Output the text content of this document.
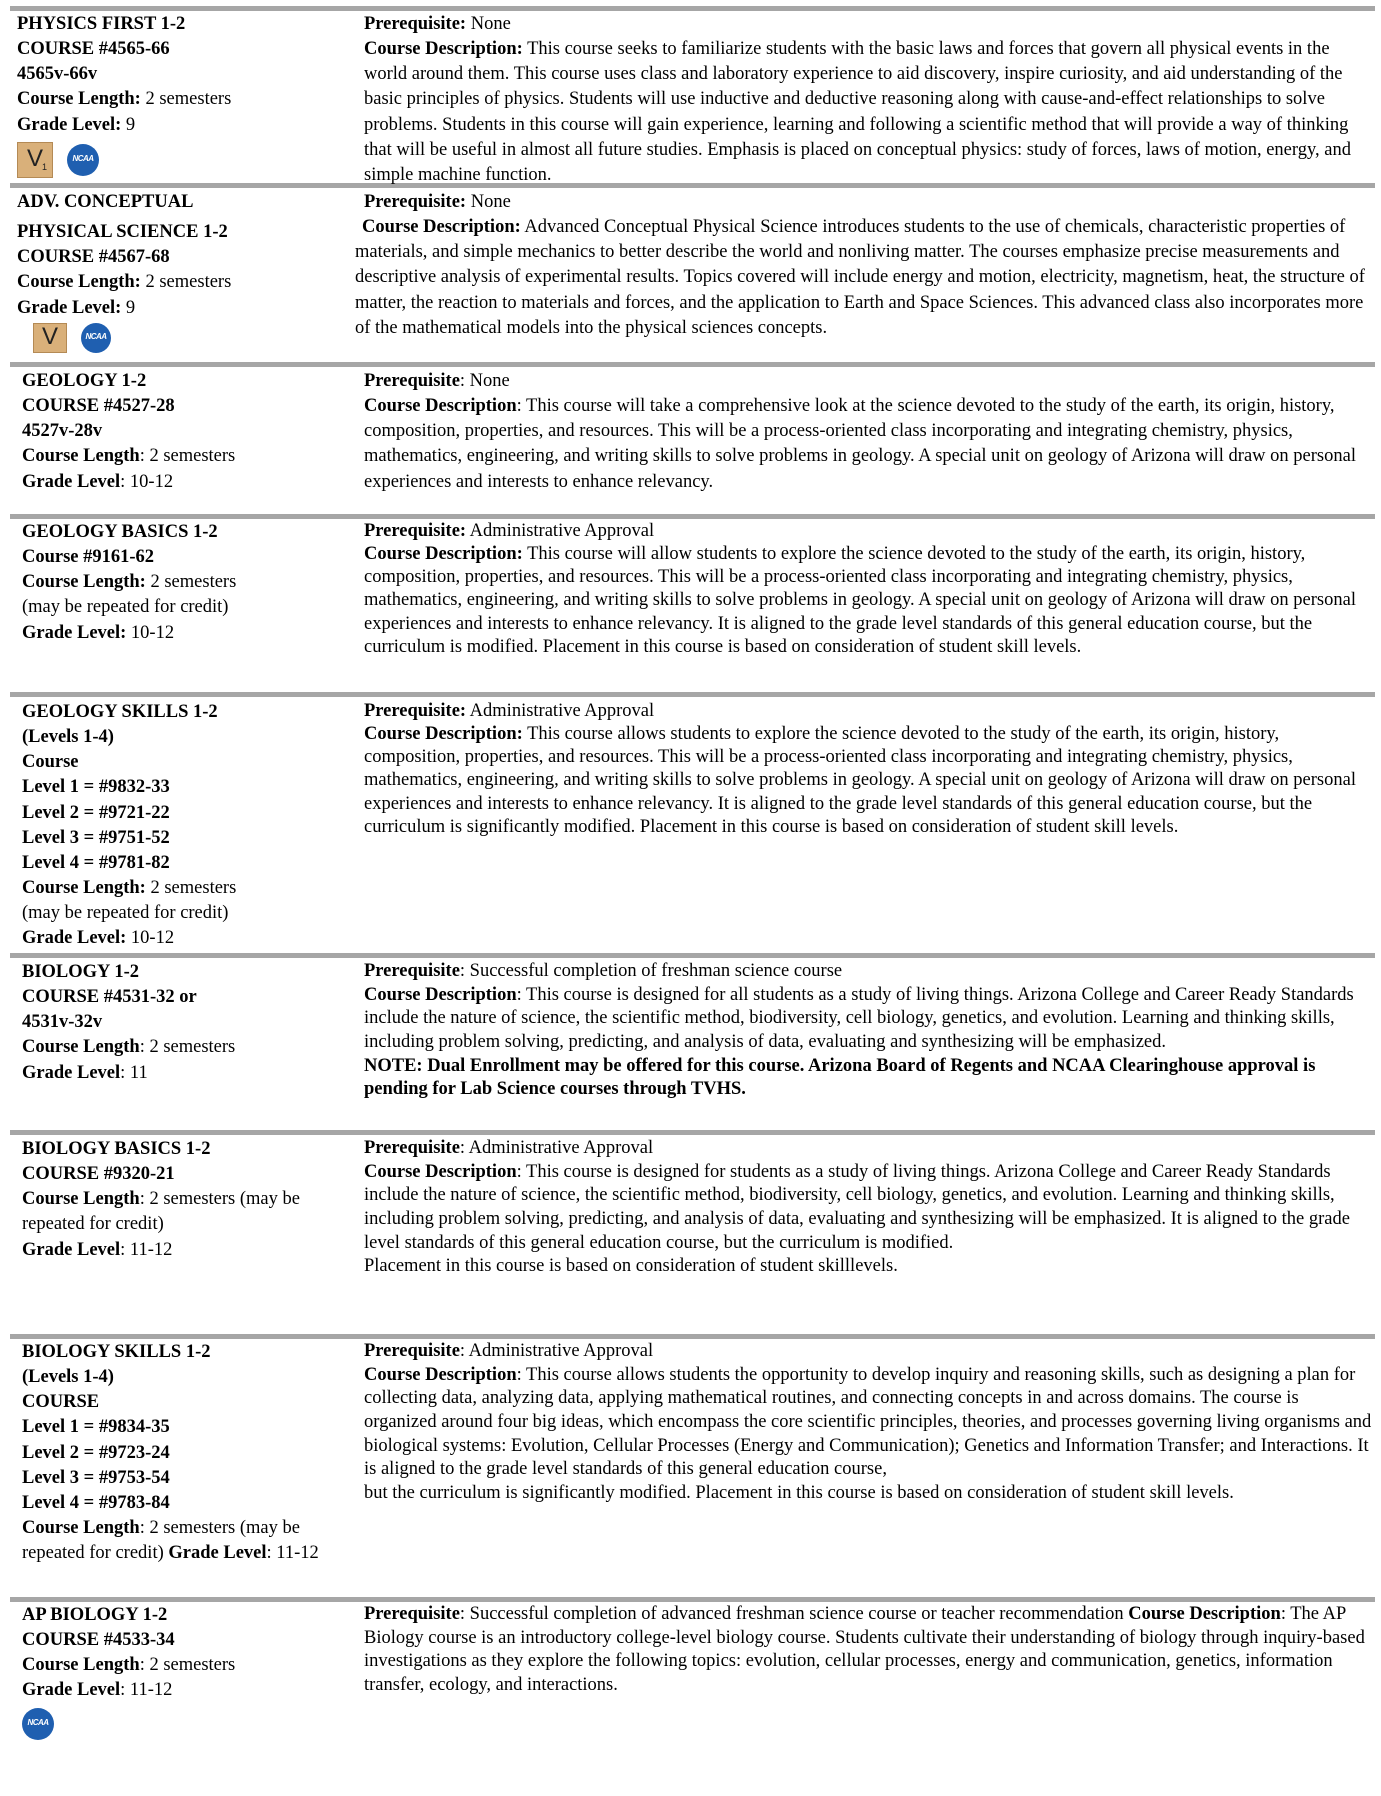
PHYSICS FIRST 1-2
COURSE #4565-66
4565v-66v
Course Length: 2 semesters
Grade Level: 9
V
1
NCAA

Prerequisite: None

Course Description: This course seeks to familiarize students with the basic laws and forces that govern all physical events in the world around them. This course uses class and laboratory experience to aid discovery, inspire curiosity, and aid understanding of the basic principles of physics. Students will use inductive and deductive reasoning along with cause-and-effect relationships to solve problems. Students in this course will gain experience, learning and following a scientific method that will provide a way of thinking that will be useful in almost all future studies. Emphasis is placed on conceptual physics: study of forces, laws of motion, energy, and simple machine function.

ADV. CONCEPTUAL
PHYSICAL SCIENCE 1-2
COURSE #4567-68
Course Length: 2 semesters
Grade Level: 9
V	NCAA

Prerequisite: None

Course Description: Advanced Conceptual Physical Science introduces students to the use of chemicals, characteristic properties of materials, and simple mechanics to better describe the world and nonliving matter. The courses emphasize precise measurements and descriptive analysis of experimental results. Topics covered will include energy and motion, electricity, magnetism, heat, the structure of matter, the reaction to materials and forces, and the application to Earth and Space Sciences. This advanced class also incorporates more of the mathematical models into the physical sciences concepts.

GEOLOGY 1-2
COURSE #4527-28
4527v-28v
Course Length: 2 semesters
Grade Level: 10-12

Prerequisite: None

Course Description: This course will take a comprehensive look at the science devoted to the study of the earth, its origin, history, composition, properties, and resources. This will be a process-oriented class incorporating and integrating chemistry, physics, mathematics, engineering, and writing skills to solve problems in geology. A special unit on geology of Arizona will draw on personal experiences and interests to enhance relevancy.

GEOLOGY BASICS 1-2
Course #9161-62
Course Length: 2 semesters
(may be repeated for credit)
Grade Level: 10-12

Prerequisite: Administrative Approval

Course Description: This course will allow students to explore the science devoted to the study of the earth, its origin, history, composition, properties, and resources. This will be a process-oriented class incorporating and integrating chemistry, physics, mathematics, engineering, and writing skills to solve problems in geology. A special unit on geology of Arizona will draw on personal experiences and interests to enhance relevancy. It is aligned to the grade level standards of this general education course, but the curriculum is modified. Placement in this course is based on consideration of student skill levels.

GEOLOGY SKILLS 1-2
(Levels 1-4)
Course
Level 1 = #9832-33
Level 2 = #9721-22
Level 3 = #9751-52
Level 4 = #9781-82
Course Length: 2 semesters
(may be repeated for credit)
Grade Level: 10-12

Prerequisite: Administrative Approval

Course Description: This course allows students to explore the science devoted to the study of the earth, its origin, history, composition, properties, and resources. This will be a process-oriented class incorporating and integrating chemistry, physics, mathematics, engineering, and writing skills to solve problems in geology. A special unit on geology of Arizona will draw on personal experiences and interests to enhance relevancy. It is aligned to the grade level standards of this general education course, but the curriculum is significantly modified. Placement in this course is based on consideration of student skill levels.

BIOLOGY 1-2
COURSE #4531-32 or
4531v-32v
Course Length: 2 semesters
Grade Level: 11

Prerequisite: Successful completion of freshman science course

Course Description: This course is designed for all students as a study of living things. Arizona College and Career Ready Standards include the nature of science, the scientific method, biodiversity, cell biology, genetics, and evolution. Learning and thinking skills, including problem solving, predicting, and analysis of data, evaluating and synthesizing will be emphasized.

NOTE: Dual Enrollment may be offered for this course. Arizona Board of Regents and NCAA Clearinghouse approval is pending for Lab Science courses through TVHS.

BIOLOGY BASICS 1-2
COURSE #9320-21
Course Length: 2 semesters (may be repeated for credit)
Grade Level: 11-12

Prerequisite: Administrative Approval

Course Description: This course is designed for students as a study of living things. Arizona College and Career Ready Standards include the nature of science, the scientific method, biodiversity, cell biology, genetics, and evolution. Learning and thinking skills, including problem solving, predicting, and analysis of data, evaluating and synthesizing will be emphasized. It is aligned to the grade level standards of this general education course, but the curriculum is modified.

Placement in this course is based on consideration of student skilllevels.

BIOLOGY SKILLS 1-2
(Levels 1-4)
COURSE
Level 1 = #9834-35
Level 2 = #9723-24
Level 3 = #9753-54
Level 4 = #9783-84
Course Length: 2 semesters (may be repeated for credit) Grade Level: 11-12

Prerequisite: Administrative Approval

Course Description: This course allows students the opportunity to develop inquiry and reasoning skills, such as designing a plan for collecting data, analyzing data, applying mathematical routines, and connecting concepts in and across domains. The course is organized around four big ideas, which encompass the core scientific principles, theories, and processes governing living organisms and biological systems: Evolution, Cellular Processes (Energy and Communication); Genetics and Information Transfer; and Interactions. It is aligned to the grade level standards of this general education course,

but the curriculum is significantly modified. Placement in this course is based on consideration of student skill levels.

AP BIOLOGY 1-2
COURSE #4533-34
Course Length: 2 semesters
Grade Level: 11-12
NCAA

Prerequisite: Successful completion of advanced freshman science course or teacher recommendation Course Description: The AP Biology course is an introductory college-level biology course. Students cultivate their understanding of biology through inquiry-based investigations as they explore the following topics: evolution, cellular processes, energy and communication, genetics, information transfer, ecology, and interactions.
